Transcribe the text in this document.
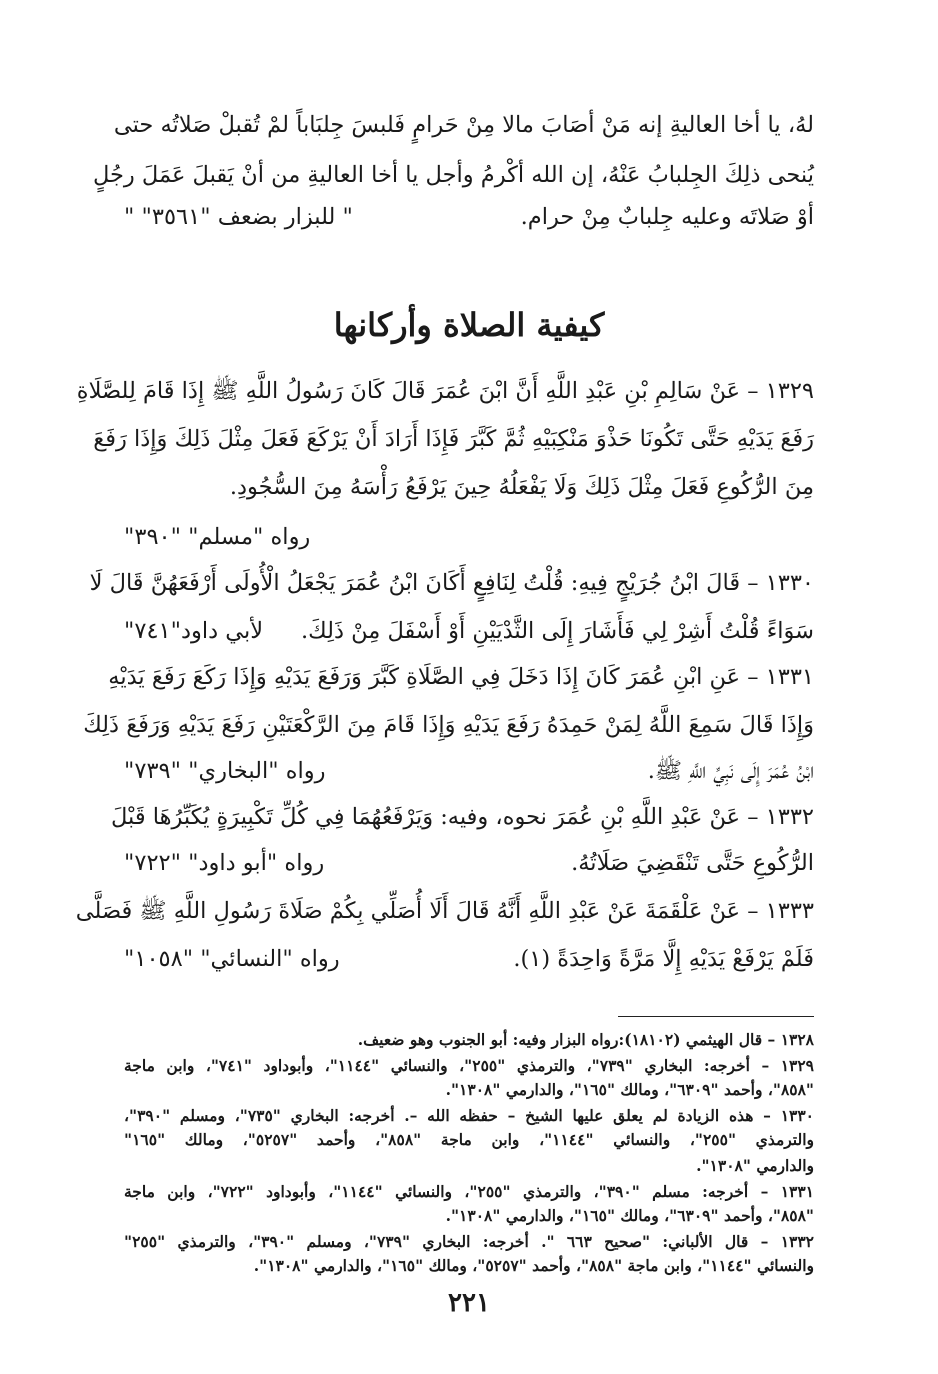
لهُ، يا أخا العاليةِ إنه مَنْ أصَابَ مالا مِنْ حَرامٍ فَلبسَ جِلبَاباً لمْ تُقبلْ صَلاتُه حتى
يُنحى ذلِكَ الجِلبابُ عَنْهُ، إن الله أكْرمُ وأجل يا أخا العاليةِ من أنْ يَقبلَ عَمَلَ رجُلٍ
أوْ صَلاتَه وعليه جِلبابٌ مِنْ حرام.
" للبزار بضعف "٣٥٦١" "
كيفية الصلاة وأركانها
١٣٢٩ – عَنْ سَالِمِ بْنِ عَبْدِ اللَّهِ أَنَّ ابْنَ عُمَرَ قَالَ كَانَ رَسُولُ اللَّهِ ﷺ إِذَا قَامَ لِلصَّلَاةِ
رَفَعَ يَدَيْهِ حَتَّى تَكُونَا حَذْوَ مَنْكِبَيْهِ ثُمَّ كَبَّرَ فَإِذَا أَرَادَ أَنْ يَرْكَعَ فَعَلَ مِثْلَ ذَلِكَ وَإِذَا رَفَعَ
مِنَ الرُّكُوعِ فَعَلَ مِثْلَ ذَلِكَ وَلَا يَفْعَلُهُ حِينَ يَرْفَعُ رَأْسَهُ مِنَ السُّجُودِ.
رواه "مسلم" "٣٩٠"
١٣٣٠ – قَالَ ابْنُ جُرَيْجٍ فِيهِ: قُلْتُ لِنَافِعٍ أَكَانَ ابْنُ عُمَرَ يَجْعَلُ الْأُولَى أَرْفَعَهُنَّ قَالَ لَا
سَوَاءً قُلْتُ أَشِرْ لِي فَأَشَارَ إِلَى الثَّدْيَيْنِ أَوْ أَسْفَلَ مِنْ ذَلِكَ.
لأبي داود"٧٤١"
١٣٣١ – عَنِ ابْنِ عُمَرَ كَانَ إِذَا دَخَلَ فِي الصَّلَاةِ كَبَّرَ وَرَفَعَ يَدَيْهِ وَإِذَا رَكَعَ رَفَعَ يَدَيْهِ
وَإِذَا قَالَ سَمِعَ اللَّهُ لِمَنْ حَمِدَهُ رَفَعَ يَدَيْهِ وَإِذَا قَامَ مِنَ الرَّكْعَتَيْنِ رَفَعَ يَدَيْهِ وَرَفَعَ ذَلِكَ
ابْنُ عُمَرَ إِلَى نَبِيِّ اللَّهِ ﷺ.
رواه "البخاري" "٧٣٩"
١٣٣٢ – عَنْ عَبْدِ اللَّهِ بْنِ عُمَرَ نحوه، وفيه: وَيَرْفَعُهُمَا فِي كُلِّ تَكْبِيرَةٍ يُكَبِّرُهَا قَبْلَ
الرُّكُوعِ حَتَّى تَنْقَضِيَ صَلَاتُهُ.
رواه "أبو داود" "٧٢٢"
١٣٣٣ – عَنْ عَلْقَمَةَ عَنْ عَبْدِ اللَّهِ أَنَّهُ قَالَ أَلَا أُصَلِّي بِكُمْ صَلَاةَ رَسُولِ اللَّهِ ﷺ فَصَلَّى
فَلَمْ يَرْفَعْ يَدَيْهِ إِلَّا مَرَّةً وَاحِدَةً (١).
رواه "النسائي" "١٠٥٨"
١٣٢٨ – قال الهيثمي (١٨١٠٢):رواه البزار وفيه: أبو الجنوب وهو ضعيف.
١٣٢٩ – أخرجه: البخاري "٧٣٩"، والترمذي "٢٥٥"، والنسائي "١١٤٤"، وأبوداود "٧٤١"، وابن ماجة
"٨٥٨"، وأحمد "٦٣٠٩"، ومالك "١٦٥"، والدارمي "١٣٠٨".
١٣٣٠ – هذه الزيادة لم يعلق عليها الشيخ – حفظه الله –. أخرجه: البخاري "٧٣٥"، ومسلم "٣٩٠"،
والترمذي "٢٥٥"، والنسائي "١١٤٤"، وابن ماجة "٨٥٨"، وأحمد "٥٢٥٧"، ومالك "١٦٥"
والدارمي "١٣٠٨".
١٣٣١ – أخرجه: مسلم "٣٩٠"، والترمذي "٢٥٥"، والنسائي "١١٤٤"، وأبوداود "٧٢٢"، وابن ماجة
"٨٥٨"، وأحمد "٦٣٠٩"، ومالك "١٦٥"، والدارمي "١٣٠٨".
١٣٣٢ – قال الألباني: "صحيح ٦٦٣ ". أخرجه: البخاري "٧٣٩"، ومسلم "٣٩٠"، والترمذي "٢٥٥"
والنسائي "١١٤٤"، وابن ماجة "٨٥٨"، وأحمد "٥٢٥٧"، ومالك "١٦٥"، والدارمي "١٣٠٨".
٢٢١
